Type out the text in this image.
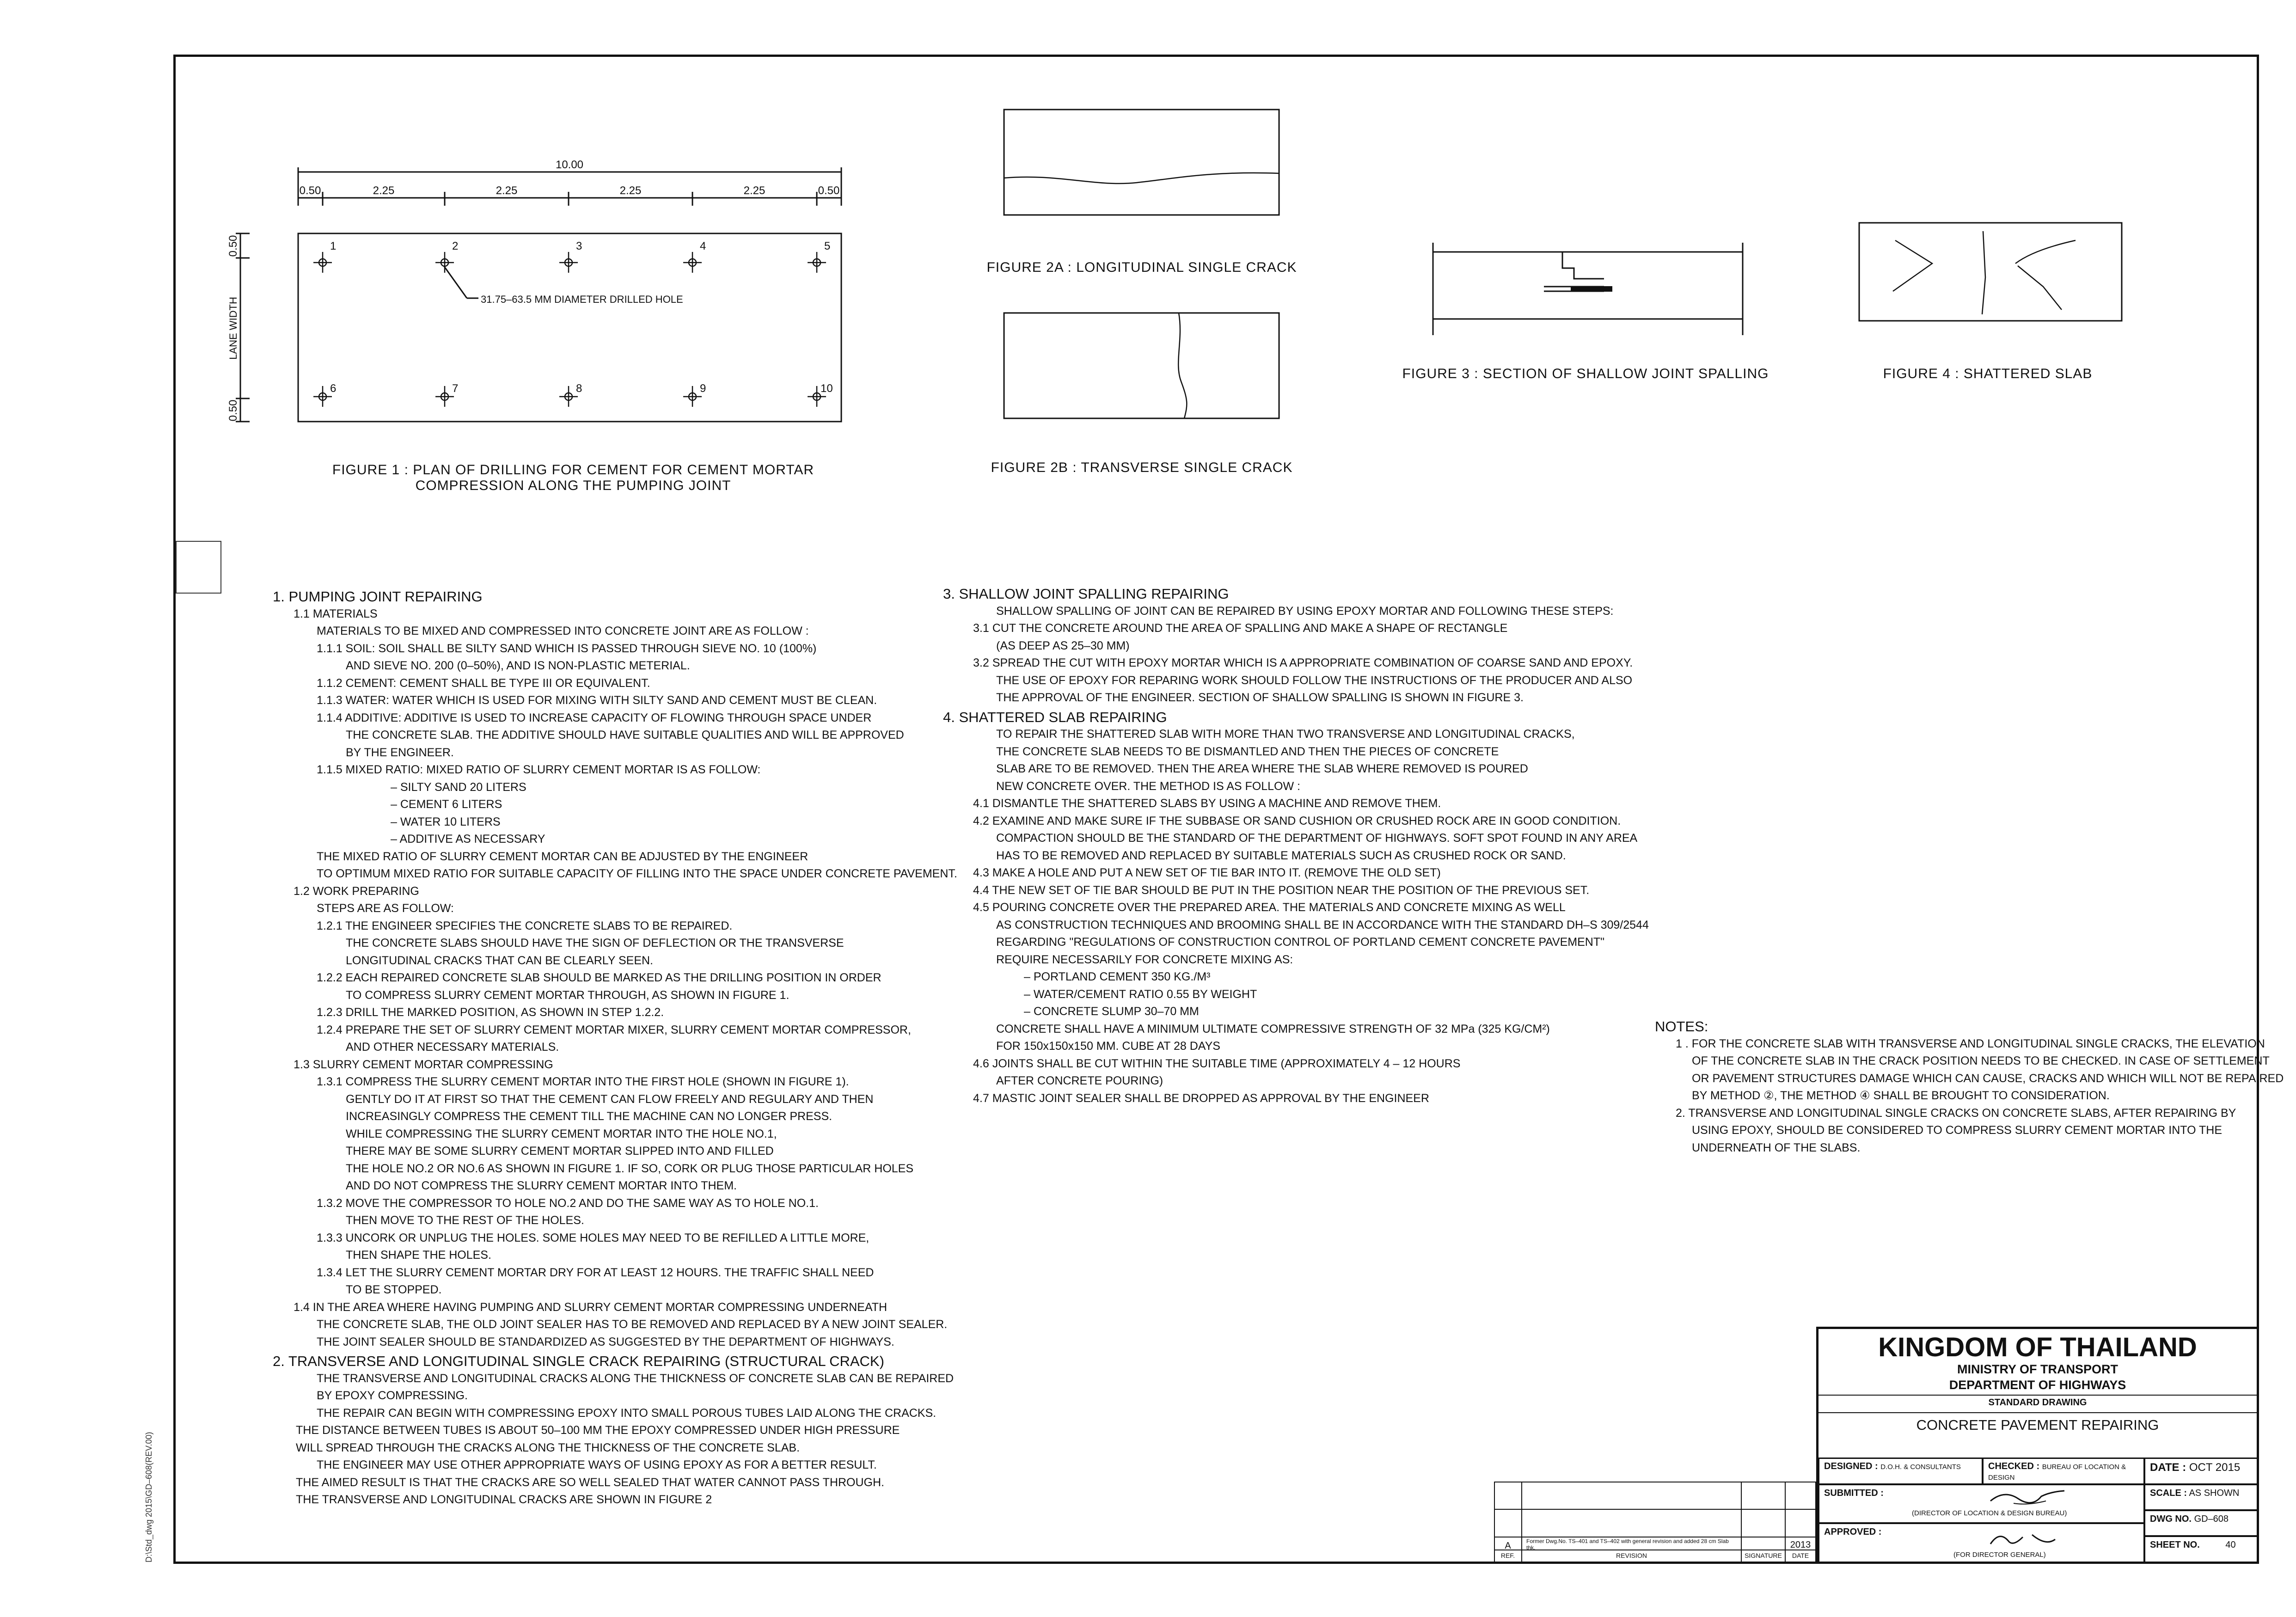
10.00
0.50	2.25	2.25	2.25	2.25	0.50
0.50
LANE WIDTH
0.50
31.75–63.5 MM DIAMETER DRILLED HOLE
1	2	3	4	5
6	7	8	9	10
FIGURE 1 : PLAN OF DRILLING FOR CEMENT FOR CEMENT MORTAR
COMPRESSION ALONG THE PUMPING JOINT
FIGURE 2A : LONGITUDINAL SINGLE CRACK
FIGURE 2B : TRANSVERSE SINGLE CRACK
FIGURE 3 : SECTION OF SHALLOW JOINT SPALLING	FIGURE 4 : SHATTERED SLAB
1. PUMPING JOINT REPAIRING
1.1 MATERIALS
MATERIALS TO BE MIXED AND COMPRESSED INTO CONCRETE JOINT ARE AS FOLLOW :
1.1.1 SOIL: SOIL SHALL BE SILTY SAND WHICH IS PASSED THROUGH SIEVE NO. 10 (100%)
AND SIEVE NO. 200 (0–50%), AND IS NON-PLASTIC METERIAL.
1.1.2 CEMENT: CEMENT SHALL BE TYPE III OR EQUIVALENT.
1.1.3 WATER: WATER WHICH IS USED FOR MIXING WITH SILTY SAND AND CEMENT MUST BE CLEAN.
1.1.4 ADDITIVE: ADDITIVE IS USED TO INCREASE CAPACITY OF FLOWING THROUGH SPACE UNDER
THE CONCRETE SLAB. THE ADDITIVE SHOULD HAVE SUITABLE QUALITIES AND WILL BE APPROVED
BY THE ENGINEER.
1.1.5 MIXED RATIO: MIXED RATIO OF SLURRY CEMENT MORTAR IS AS FOLLOW:
– SILTY SAND 20 LITERS
– CEMENT 6 LITERS
– WATER 10 LITERS
– ADDITIVE AS NECESSARY
THE MIXED RATIO OF SLURRY CEMENT MORTAR CAN BE ADJUSTED BY THE ENGINEER
TO OPTIMUM MIXED RATIO FOR SUITABLE CAPACITY OF FILLING INTO THE SPACE UNDER CONCRETE PAVEMENT.
1.2 WORK PREPARING
STEPS ARE AS FOLLOW:
1.2.1 THE ENGINEER SPECIFIES THE CONCRETE SLABS TO BE REPAIRED.
THE CONCRETE SLABS SHOULD HAVE THE SIGN OF DEFLECTION OR THE TRANSVERSE
LONGITUDINAL CRACKS THAT CAN BE CLEARLY SEEN.
1.2.2 EACH REPAIRED CONCRETE SLAB SHOULD BE MARKED AS THE DRILLING POSITION IN ORDER
TO COMPRESS SLURRY CEMENT MORTAR THROUGH, AS SHOWN IN FIGURE 1.
1.2.3 DRILL THE MARKED POSITION, AS SHOWN IN STEP 1.2.2.
1.2.4 PREPARE THE SET OF SLURRY CEMENT MORTAR MIXER, SLURRY CEMENT MORTAR COMPRESSOR,
AND OTHER NECESSARY MATERIALS.
1.3 SLURRY CEMENT MORTAR COMPRESSING
1.3.1 COMPRESS THE SLURRY CEMENT MORTAR INTO THE FIRST HOLE (SHOWN IN FIGURE 1).
GENTLY DO IT AT FIRST SO THAT THE CEMENT CAN FLOW FREELY AND REGULARY AND THEN
INCREASINGLY COMPRESS THE CEMENT TILL THE MACHINE CAN NO LONGER PRESS.
WHILE COMPRESSING THE SLURRY CEMENT MORTAR INTO THE HOLE NO.1,
THERE MAY BE SOME SLURRY CEMENT MORTAR SLIPPED INTO AND FILLED
THE HOLE NO.2 OR NO.6 AS SHOWN IN FIGURE 1. IF SO, CORK OR PLUG THOSE PARTICULAR HOLES
AND DO NOT COMPRESS THE SLURRY CEMENT MORTAR INTO THEM.
1.3.2 MOVE THE COMPRESSOR TO HOLE NO.2 AND DO THE SAME WAY AS TO HOLE NO.1.
THEN MOVE TO THE REST OF THE HOLES.
1.3.3 UNCORK OR UNPLUG THE HOLES. SOME HOLES MAY NEED TO BE REFILLED A LITTLE MORE,
THEN SHAPE THE HOLES.
1.3.4 LET THE SLURRY CEMENT MORTAR DRY FOR AT LEAST 12 HOURS. THE TRAFFIC SHALL NEED
TO BE STOPPED.
1.4 IN THE AREA WHERE HAVING PUMPING AND SLURRY CEMENT MORTAR COMPRESSING UNDERNEATH
THE CONCRETE SLAB, THE OLD JOINT SEALER HAS TO BE REMOVED AND REPLACED BY A NEW JOINT SEALER.
THE JOINT SEALER SHOULD BE STANDARDIZED AS SUGGESTED BY THE DEPARTMENT OF HIGHWAYS.
2. TRANSVERSE AND LONGITUDINAL SINGLE CRACK REPAIRING (STRUCTURAL CRACK)
THE TRANSVERSE AND LONGITUDINAL CRACKS ALONG THE THICKNESS OF CONCRETE SLAB CAN BE REPAIRED
BY EPOXY COMPRESSING.
THE REPAIR CAN BEGIN WITH COMPRESSING EPOXY INTO SMALL POROUS TUBES LAID ALONG THE CRACKS.
THE DISTANCE BETWEEN TUBES IS ABOUT 50–100 MM THE EPOXY COMPRESSED UNDER HIGH PRESSURE
WILL SPREAD THROUGH THE CRACKS ALONG THE THICKNESS OF THE CONCRETE SLAB.
THE ENGINEER MAY USE OTHER APPROPRIATE WAYS OF USING EPOXY AS FOR A BETTER RESULT.
THE AIMED RESULT IS THAT THE CRACKS ARE SO WELL SEALED THAT WATER CANNOT PASS THROUGH.
THE TRANSVERSE AND LONGITUDINAL CRACKS ARE SHOWN IN FIGURE 2
3. SHALLOW JOINT SPALLING REPAIRING
SHALLOW SPALLING OF JOINT CAN BE REPAIRED BY USING EPOXY MORTAR AND FOLLOWING THESE STEPS:
3.1 CUT THE CONCRETE AROUND THE AREA OF SPALLING AND MAKE A SHAPE OF RECTANGLE
(AS DEEP AS 25–30 MM)
3.2 SPREAD THE CUT WITH EPOXY MORTAR WHICH IS A APPROPRIATE COMBINATION OF COARSE SAND AND EPOXY.
THE USE OF EPOXY FOR REPARING WORK SHOULD FOLLOW THE INSTRUCTIONS OF THE PRODUCER AND ALSO
THE APPROVAL OF THE ENGINEER. SECTION OF SHALLOW SPALLING IS SHOWN IN FIGURE 3.
4. SHATTERED SLAB REPAIRING
TO REPAIR THE SHATTERED SLAB WITH MORE THAN TWO TRANSVERSE AND LONGITUDINAL CRACKS,
THE CONCRETE SLAB NEEDS TO BE DISMANTLED AND THEN THE PIECES OF CONCRETE
SLAB ARE TO BE REMOVED. THEN THE AREA WHERE THE SLAB WHERE REMOVED IS POURED
NEW CONCRETE OVER. THE METHOD IS AS FOLLOW :
4.1 DISMANTLE THE SHATTERED SLABS BY USING A MACHINE AND REMOVE THEM.
4.2 EXAMINE AND MAKE SURE IF THE SUBBASE OR SAND CUSHION OR CRUSHED ROCK ARE IN GOOD CONDITION.
COMPACTION SHOULD BE THE STANDARD OF THE DEPARTMENT OF HIGHWAYS. SOFT SPOT FOUND IN ANY AREA
HAS TO BE REMOVED AND REPLACED BY SUITABLE MATERIALS SUCH AS CRUSHED ROCK OR SAND.
4.3 MAKE A HOLE AND PUT A NEW SET OF TIE BAR INTO IT. (REMOVE THE OLD SET)
4.4 THE NEW SET OF TIE BAR SHOULD BE PUT IN THE POSITION NEAR THE POSITION OF THE PREVIOUS SET.
4.5 POURING CONCRETE OVER THE PREPARED AREA. THE MATERIALS AND CONCRETE MIXING AS WELL
AS CONSTRUCTION TECHNIQUES AND BROOMING SHALL BE IN ACCORDANCE WITH THE STANDARD DH–S 309/2544
REGARDING "REGULATIONS OF CONSTRUCTION CONTROL OF PORTLAND CEMENT CONCRETE PAVEMENT"
REQUIRE NECESSARILY FOR CONCRETE MIXING AS:
– PORTLAND CEMENT 350 KG./M³
– WATER/CEMENT RATIO 0.55 BY WEIGHT
– CONCRETE SLUMP 30–70 MM
CONCRETE SHALL HAVE A MINIMUM ULTIMATE COMPRESSIVE STRENGTH OF 32 MPa (325 KG/CM²)
FOR 150x150x150 MM. CUBE AT 28 DAYS
4.6 JOINTS SHALL BE CUT WITHIN THE SUITABLE TIME (APPROXIMATELY 4 – 12 HOURS
AFTER CONCRETE POURING)
4.7 MASTIC JOINT SEALER SHALL BE DROPPED AS APPROVAL BY THE ENGINEER
NOTES:
1 . FOR THE CONCRETE SLAB WITH TRANSVERSE AND LONGITUDINAL SINGLE CRACKS, THE ELEVATION
OF THE CONCRETE SLAB IN THE CRACK POSITION NEEDS TO BE CHECKED. IN CASE OF SETTLEMENT
OR PAVEMENT STRUCTURES DAMAGE WHICH CAN CAUSE, CRACKS AND WHICH WILL NOT BE REPAIRED
BY METHOD ②, THE METHOD ④ SHALL BE BROUGHT TO CONSIDERATION.
2. TRANSVERSE AND LONGITUDINAL SINGLE CRACKS ON CONCRETE SLABS, AFTER REPAIRING BY
USING EPOXY, SHOULD BE CONSIDERED TO COMPRESS SLURRY CEMENT MORTAR INTO THE
UNDERNEATH OF THE SLABS.
KINGDOM OF THAILAND
MINISTRY OF TRANSPORT
DEPARTMENT OF HIGHWAYS
STANDARD DRAWING
CONCRETE PAVEMENT REPAIRING
DESIGNED : D.O.H. & CONSULTANTS	CHECKED : BUREAU OF LOCATION & DESIGN
SUBMITTED :
(DIRECTOR OF LOCATION & DESIGN BUREAU)
APPROVED :
(FOR DIRECTOR GENERAL)
DATE : OCT 2015
SCALE : AS SHOWN
DWG NO. GD–608
SHEET NO.	40
A	Former Dwg.No. TS–401 and TS–402 with general revision and added 28 cm Slab thk.	2013
REF.	REVISION	SIGNATURE	DATE
D:\Std_dwg 2015\GD–608(REV.00)
